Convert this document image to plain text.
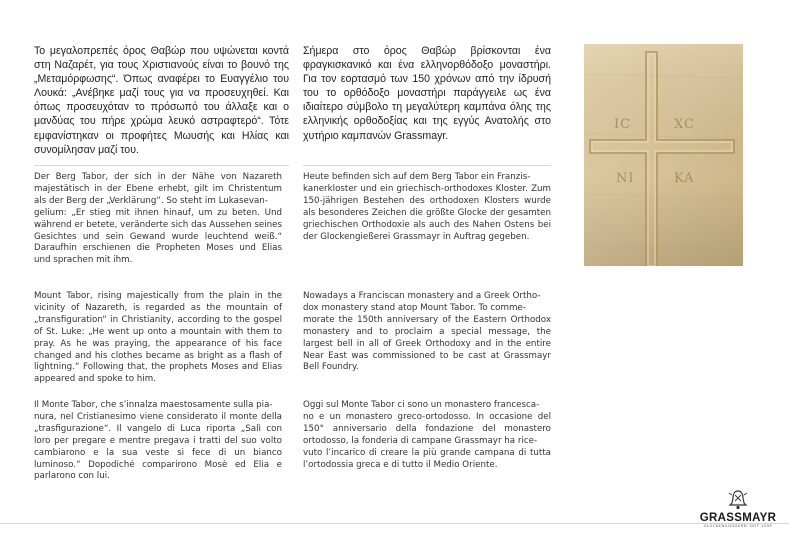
Το μεγαλοπρεπές όρος Θαβώρ που υψώνεται κοντά στη Ναζαρέτ, για τους Χριστιανούς είναι το βουνό της „Μεταμόρφωσης“. Όπως αναφέρει το Ευαγγέλιο του Λουκά: „Ανέβηκε μαζί τους για να προσευχηθεί. Και όπως προσευχόταν το πρόσωπό του άλλαξε και ο μανδύας του πήρε χρώμα λευκό αστραφτερό“. Τότε εμφανίστηκαν οι προφήτες Μωυσής και Ηλίας και συνομίλησαν μαζί του.

Σήμερα στο όρος Θαβώρ βρίσκονται ένα φραγκισκανικό και ένα ελληνορθόδοξο μοναστήρι. Για τον εορτασμό των 150 χρόνων από την ίδρυσή του το ορθόδοξο μοναστήρι παράγγειλε ως ένα ιδιαίτερο σύμβολο τη μεγαλύτερη καμπάνα όλης της ελληνικής ορθοδοξίας και της εγγύς Ανατολής στο χυτήριο καμπανών Grassmayr.

Der Berg Tabor, der sich in der Nähe von Nazareth majestätisch in der Ebene erhebt, gilt im Christentum als der Berg der „Verklärung“. So steht im Lukasevan-
gelium: „Er stieg mit ihnen hinauf, um zu beten. Und während er betete, veränderte sich das Aussehen seines Gesichtes und sein Gewand wurde leuchtend weiß.“ Daraufhin erschienen die Propheten Moses und Elias und sprachen mit ihm.

Heute befinden sich auf dem Berg Tabor ein Franzis-
kanerkloster und ein griechisch-orthodoxes Kloster. Zum 150-jährigen Bestehen des orthodoxen Klosters wurde als besonderes Zeichen die größte Glocke der gesamten griechischen Orthodoxie als auch des Nahen Ostens bei der Glockengießerei Grassmayr in Auftrag gegeben.

Mount Tabor, rising majestically from the plain in the vicinity of Nazareth, is regarded as the mountain of „transfiguration“ in Christianity, according to the gospel of St. Luke: „He went up onto a mountain with them to pray. As he was praying, the appearance of his face changed and his clothes became as bright as a flash of lightning.“ Following that, the prophets Moses and Elias appeared and spoke to him.

Nowadays a Franciscan monastery and a Greek Ortho-
dox monastery stand atop Mount Tabor. To comme-
morate the 150th anniversary of the Eastern Orthodox monastery and to proclaim a special message, the largest bell in all of Greek Orthodoxy and in the entire Near East was commissioned to be cast at Grassmayr Bell Foundry.

Il Monte Tabor, che s’innalza maestosamente sulla pia-
nura, nel Cristianesimo viene considerato il monte della „trasfigurazione“. Il vangelo di Luca riporta „Salì con loro per pregare e mentre pregava i tratti del suo volto cambiarono e la sua veste si fece di un bianco luminoso.“ Dopodiché comparirono Mosè ed Elia e parlarono con lui.

Oggi sul Monte Tabor ci sono un monastero francesca-
no e un monastero greco-ortodosso. In occasione del 150° anniversario della fondazione del monastero ortodosso, la fonderia di campane Grassmayr ha rice-
vuto l’incarico di creare la più grande campana di tutta l’ortodossia greca e di tutto il Medio Oriente.

IC	XC
NI	KA
GRASSMAYR
GLOCKENGIESSEREI SEIT 1599
